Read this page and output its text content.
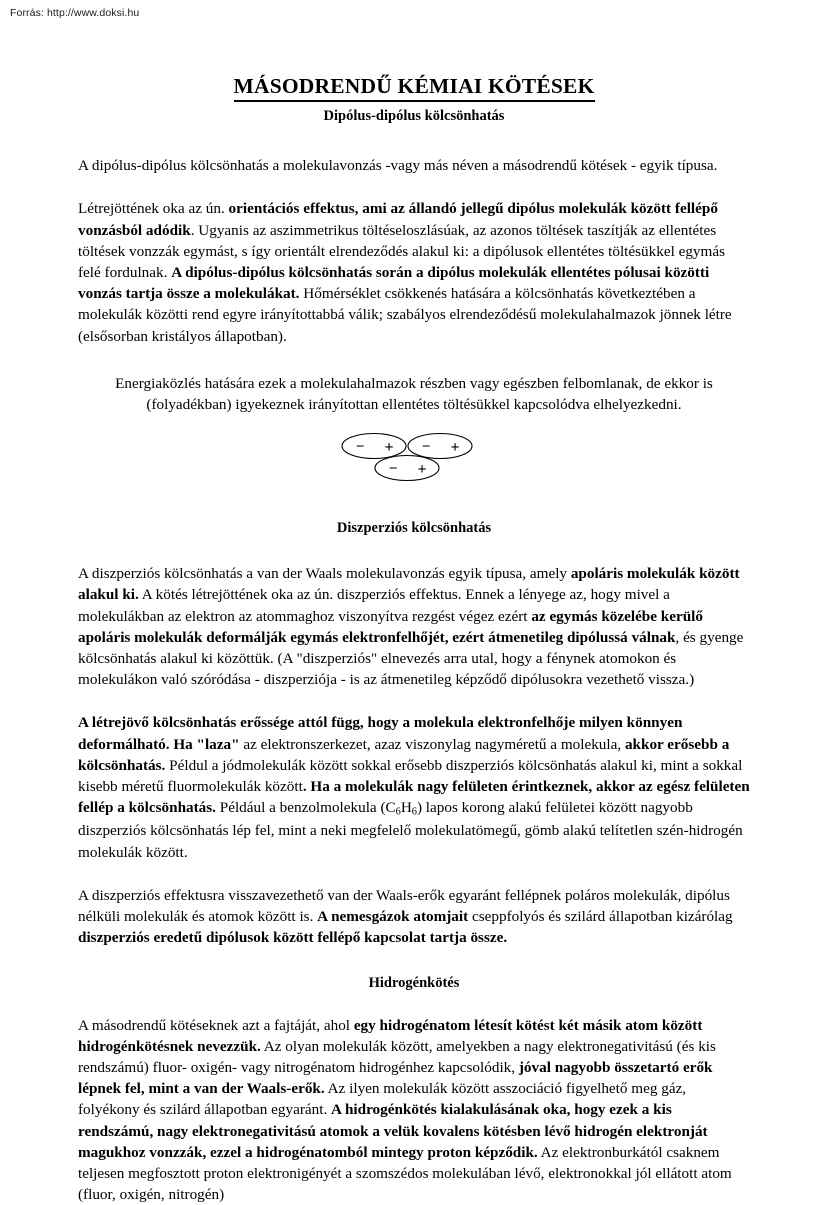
Forrás: http://www.doksi.hu
MÁSODRENDŰ KÉMIAI KÖTÉSEK
Dipólus-dipólus kölcsönhatás

A dipólus-dipólus kölcsönhatás a molekulavonzás -vagy más néven a másodrendű kötések - egyik típusa.

Létrejöttének oka az ún. orientációs effektus, ami az állandó jellegű dipólus molekulák között fellépő vonzásból adódik. Ugyanis az aszimmetrikus töltéseloszlásúak, az azonos töltések taszítják az ellentétes töltések vonzzák egymást, s így orientált elrendeződés alakul ki: a dipólusok ellentétes töltésükkel egymás felé fordulnak. A dipólus-dipólus kölcsönhatás során a dipólus molekulák ellentétes pólusai közötti vonzás tartja össze a molekulákat. Hőmérséklet csökkenés hatására a kölcsönhatás következtében a molekulák közötti rend egyre irányítottabbá válik; szabályos elrendeződésű molekulahalmazok jönnek létre (elsősorban kristályos állapotban).

Energiaközlés hatására ezek a molekulahalmazok részben vagy egészben felbomlanak, de ekkor is (folyadékban) igyekeznek irányítottan ellentétes töltésükkel kapcsolódva elhelyezkedni.

− + − +
− +
Diszperziós kölcsönhatás

A diszperziós kölcsönhatás a van der Waals molekulavonzás egyik típusa, amely apoláris molekulák között alakul ki. A kötés létrejöttének oka az ún. diszperziós effektus. Ennek a lényege az, hogy mivel a molekulákban az elektron az atommaghoz viszonyítva rezgést végez ezért az egymás közelébe kerülő apoláris molekulák deformálják egymás elektronfelhőjét, ezért átmenetileg dipólussá válnak, és gyenge kölcsönhatás alakul ki közöttük. (A "diszperziós" elnevezés arra utal, hogy a fénynek atomokon és molekulákon való szóródása - diszperziója - is az átmenetileg képződő dipólusokra vezethető vissza.)

A létrejövő kölcsönhatás erőssége attól függ, hogy a molekula elektronfelhője milyen könnyen deformálható. Ha "laza" az elektronszerkezet, azaz viszonylag nagyméretű a molekula, akkor erősebb a kölcsönhatás. Példul a jódmolekulák között sokkal erősebb diszperziós kölcsönhatás alakul ki, mint a sokkal kisebb méretű fluormolekulák között. Ha a molekulák nagy felületen érintkeznek, akkor az egész felületen fellép a kölcsönhatás. Például a benzolmolekula $(C_6H_6)$ lapos korong alakú felületei között nagyobb diszperziós kölcsönhatás lép fel, mint a neki megfelelő molekulatömegű, gömb alakú telítetlen szén-hidrogén molekulák között.

A diszperziós effektusra visszavezethető van der Waals-erők egyaránt fellépnek poláros molekulák, dipólus nélküli molekulák és atomok között is. A nemesgázok atomjait cseppfolyós és szilárd állapotban kizárólag diszperziós eredetű dipólusok között fellépő kapcsolat tartja össze.

Hidrogénkötés

A másodrendű kötéseknek azt a fajtáját, ahol egy hidrogénatom létesít kötést két másik atom között hidrogénkötésnek nevezzük. Az olyan molekulák között, amelyekben a nagy elektronegativitású (és kis rendszámú) fluor- oxigén- vagy nitrogénatom hidrogénhez kapcsolódik, jóval nagyobb összetartó erők lépnek fel, mint a van der Waals-erők. Az ilyen molekulák között asszociáció figyelhető meg gáz, folyékony és szilárd állapotban egyaránt. A hidrogénkötés kialakulásának oka, hogy ezek a kis rendszámú, nagy elektronegativitású atomok a velük kovalens kötésben lévő hidrogén elektronját magukhoz vonzzák, ezzel a hidrogénatomból mintegy proton képződik. Az elektronburkától csaknem teljesen megfosztott proton elektronigényét a szomszédos molekulában lévő, elektronokkal jól ellátott atom (fluor, oxigén, nitrogén)
